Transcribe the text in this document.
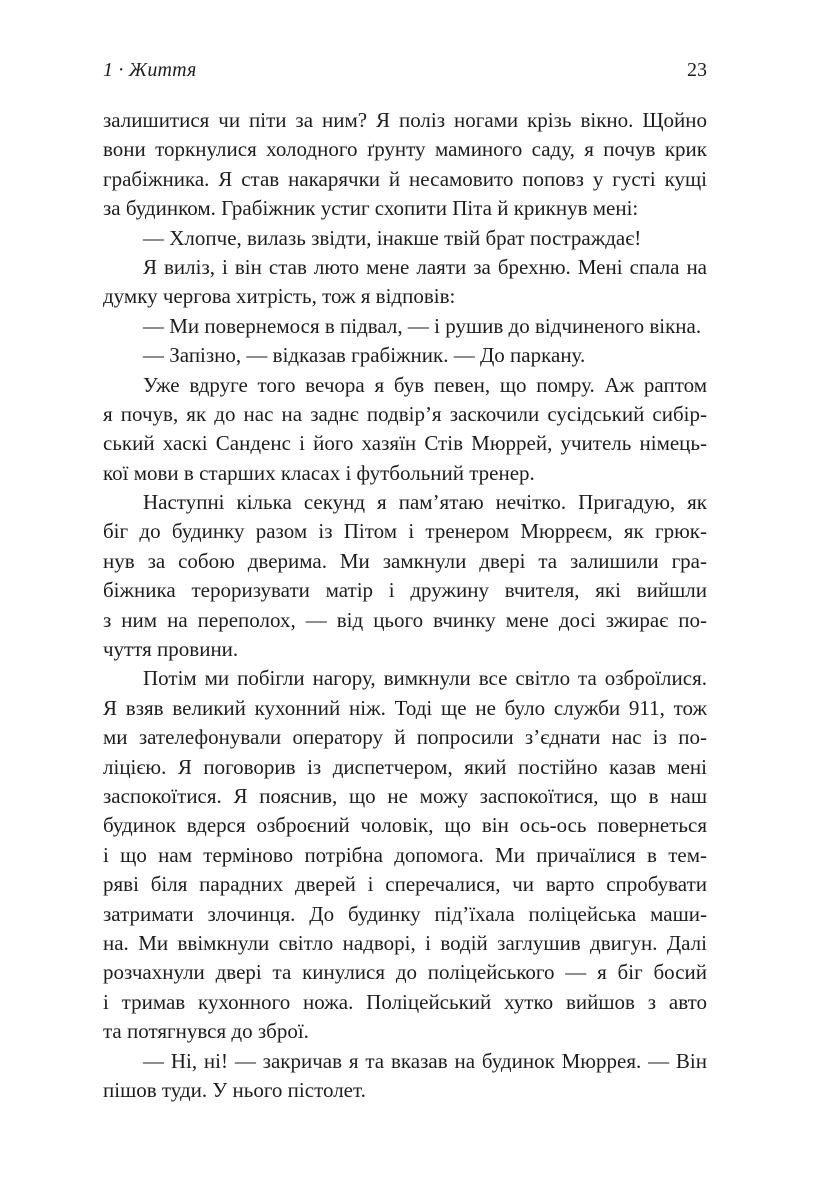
1 · Життя	23
залишитися чи піти за ним? Я поліз ногами крізь вікно. Щойно
вони торкнулися холодного ґрунту маминого саду, я почув крик
грабіжника. Я став накарячки й несамовито поповз у густі кущі
за будинком. Грабіжник устиг схопити Піта й крикнув мені:
— Хлопче, вилазь звідти, інакше твій брат постраждає!
Я виліз, і він став люто мене лаяти за брехню. Мені спала на
думку чергова хитрість, тож я відповів:
— Ми повернемося в підвал, — і рушив до відчиненого вікна.
— Запізно, — відказав грабіжник. — До паркану.
Уже вдруге того вечора я був певен, що помру. Аж раптом
я почув, як до нас на заднє подвір’я заскочили сусідський сибір-
ський хаскі Санденс і його хазяїн Стів Мюррей, учитель німець-
кої мови в старших класах і футбольний тренер.
Наступні кілька секунд я пам’ятаю нечітко. Пригадую, як
біг до будинку разом із Пітом і тренером Мюрреєм, як грюк-
нув за собою дверима. Ми замкнули двері та залишили гра-
біжника тероризувати матір і дружину вчителя, які вийшли
з ним на переполох, — від цього вчинку мене досі зжирає по-
чуття провини.
Потім ми побігли нагору, вимкнули все світло та озброїлися.
Я взяв великий кухонний ніж. Тоді ще не було служби 911, тож
ми зателефонували оператору й попросили з’єднати нас із по-
ліцією. Я поговорив із диспетчером, який постійно казав мені
заспокоїтися. Я пояснив, що не можу заспокоїтися, що в наш
будинок вдерся озброєний чоловік, що він ось-ось повернеться
і що нам терміново потрібна допомога. Ми причаїлися в тем-
ряві біля парадних дверей і сперечалися, чи варто спробувати
затримати злочинця. До будинку під’їхала поліцейська маши-
на. Ми ввімкнули світло надворі, і водій заглушив двигун. Далі
розчахнули двері та кинулися до поліцейського — я біг босий
і тримав кухонного ножа. Поліцейський хутко вийшов з авто
та потягнувся до зброї.
— Ні, ні! — закричав я та вказав на будинок Мюррея. — Він
пішов туди. У нього пістолет.
